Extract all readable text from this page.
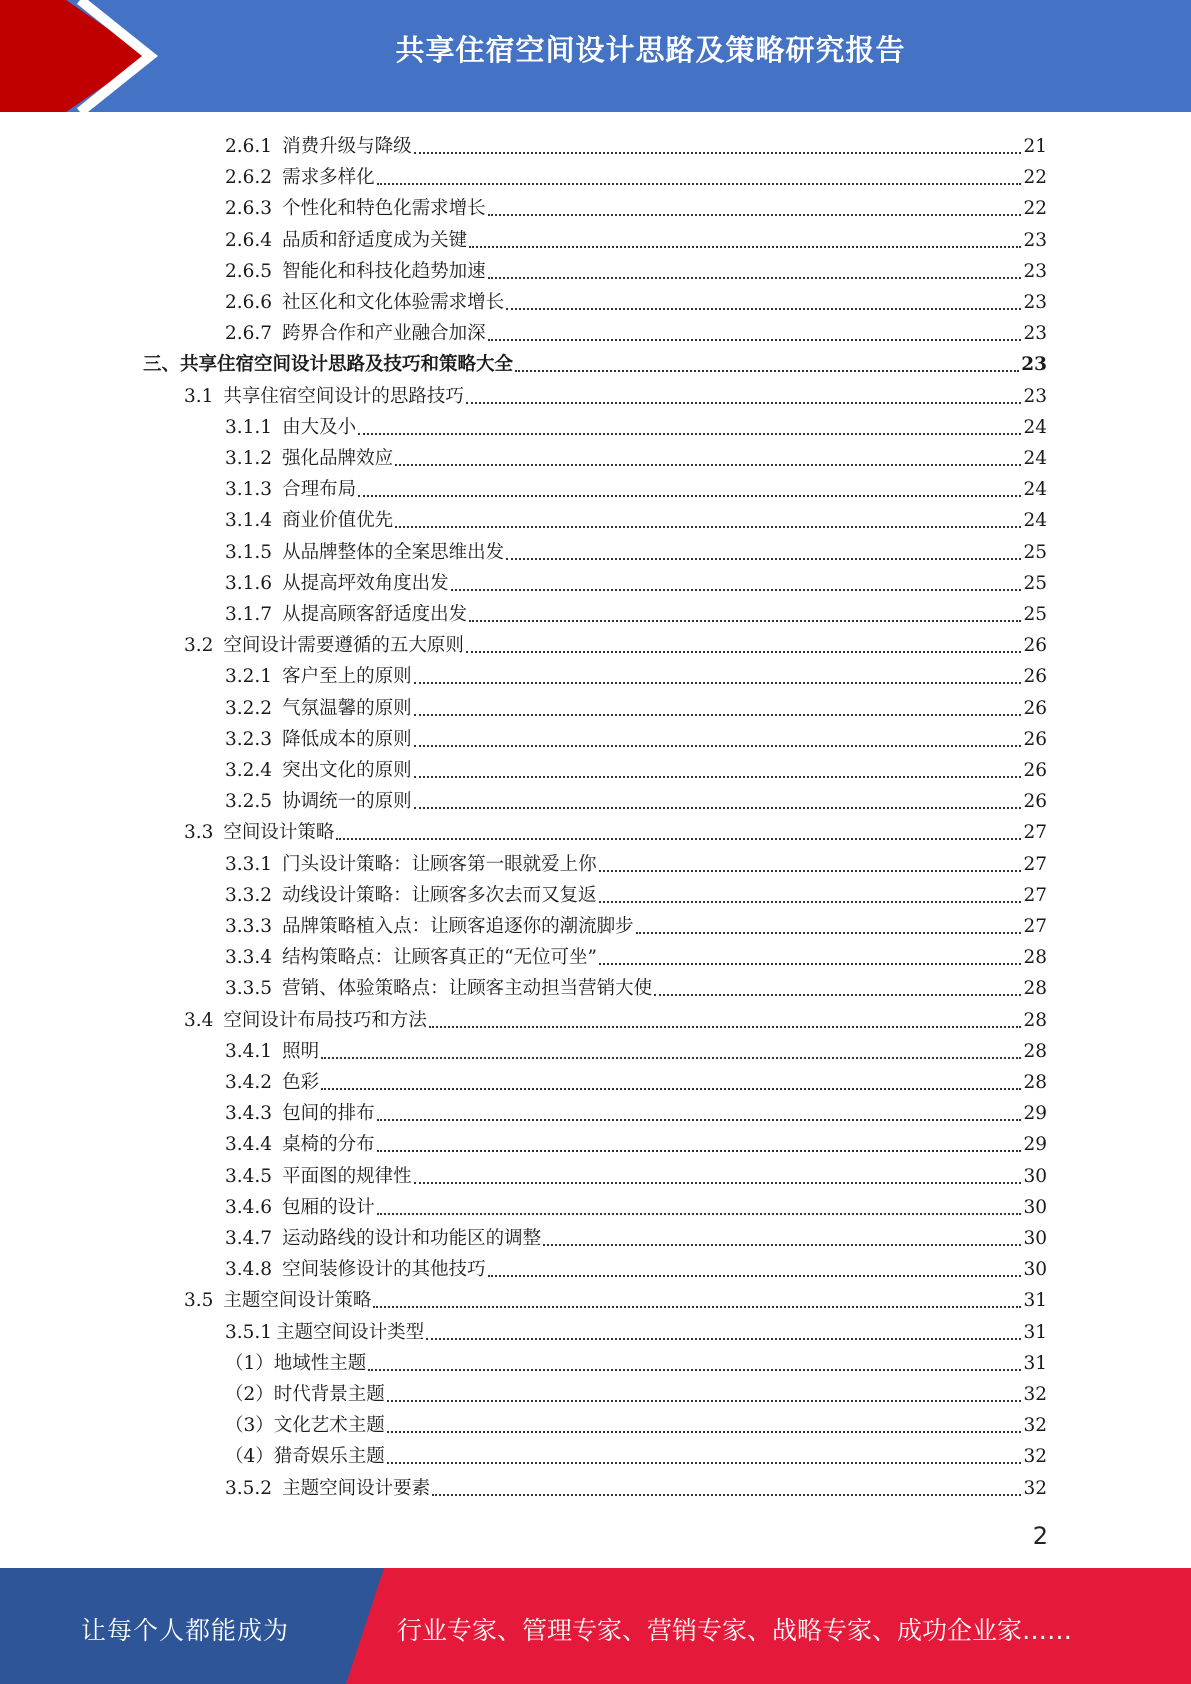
共享住宿空间设计思路及策略研究报告
2.6.1 消费升级与降级	21
2.6.2 需求多样化	22
2.6.3 个性化和特色化需求增长	22
2.6.4 品质和舒适度成为关键	23
2.6.5 智能化和科技化趋势加速	23
2.6.6 社区化和文化体验需求增长	23
2.6.7 跨界合作和产业融合加深	23
三、共享住宿空间设计思路及技巧和策略大全	23
3.1 共享住宿空间设计的思路技巧	23
3.1.1 由大及小	24
3.1.2 强化品牌效应	24
3.1.3 合理布局	24
3.1.4 商业价值优先	24
3.1.5 从品牌整体的全案思维出发	25
3.1.6 从提高坪效角度出发	25
3.1.7 从提高顾客舒适度出发	25
3.2 空间设计需要遵循的五大原则	26
3.2.1 客户至上的原则	26
3.2.2 气氛温馨的原则	26
3.2.3 降低成本的原则	26
3.2.4 突出文化的原则	26
3.2.5 协调统一的原则	26
3.3 空间设计策略	27
3.3.1 门头设计策略：让顾客第一眼就爱上你	27
3.3.2 动线设计策略：让顾客多次去而又复返	27
3.3.3 品牌策略植入点：让顾客追逐你的潮流脚步	27
3.3.4 结构策略点：让顾客真正的“无位可坐”	28
3.3.5 营销、体验策略点：让顾客主动担当营销大使	28
3.4 空间设计布局技巧和方法	28
3.4.1 照明	28
3.4.2 色彩	28
3.4.3 包间的排布	29
3.4.4 桌椅的分布	29
3.4.5 平面图的规律性	30
3.4.6 包厢的设计	30
3.4.7 运动路线的设计和功能区的调整	30
3.4.8 空间装修设计的其他技巧	30
3.5 主题空间设计策略	31
3.5.1 主题空间设计类型	31
（1）地域性主题	31
（2）时代背景主题	32
（3）文化艺术主题	32
（4）猎奇娱乐主题	32
3.5.2 主题空间设计要素	32
2
让每个人都能成为	行业专家、管理专家、营销专家、战略专家、成功企业家……
